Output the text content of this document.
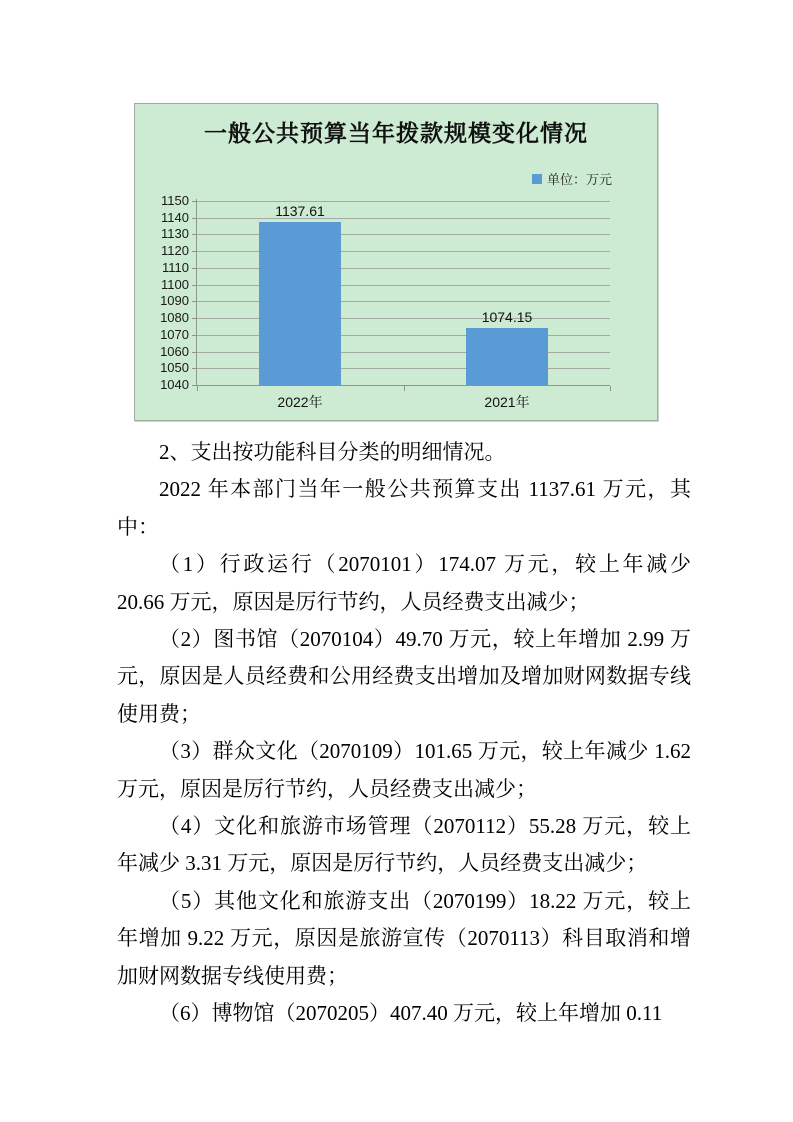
一般公共预算当年拨款规模变化情况
单位：万元
1040
1050
1060
1070
1080
1090
1100
1110
1120
1130
1140
1150
1137.61
2022年
1074.15
2021年

2、支出按功能科目分类的明细情况。

2022 年本部门当年一般公共预算支出 1137.61 万元，其中：

（1）行政运行（2070101）174.07 万元，较上年减少 20.66 万元，原因是厉行节约，人员经费支出减少；

（2）图书馆（2070104）49.70 万元，较上年增加 2.99 万元，原因是人员经费和公用经费支出增加及增加财网数据专线使用费；

（3）群众文化（2070109）101.65 万元，较上年减少 1.62 万元，原因是厉行节约，人员经费支出减少；

（4）文化和旅游市场管理（2070112）55.28 万元，较上年减少 3.31 万元，原因是厉行节约，人员经费支出减少；

（5）其他文化和旅游支出（2070199）18.22 万元，较上年增加 9.22 万元，原因是旅游宣传（2070113）科目取消和增加财网数据专线使用费；

（6）博物馆（2070205）407.40 万元，较上年增加 0.11
